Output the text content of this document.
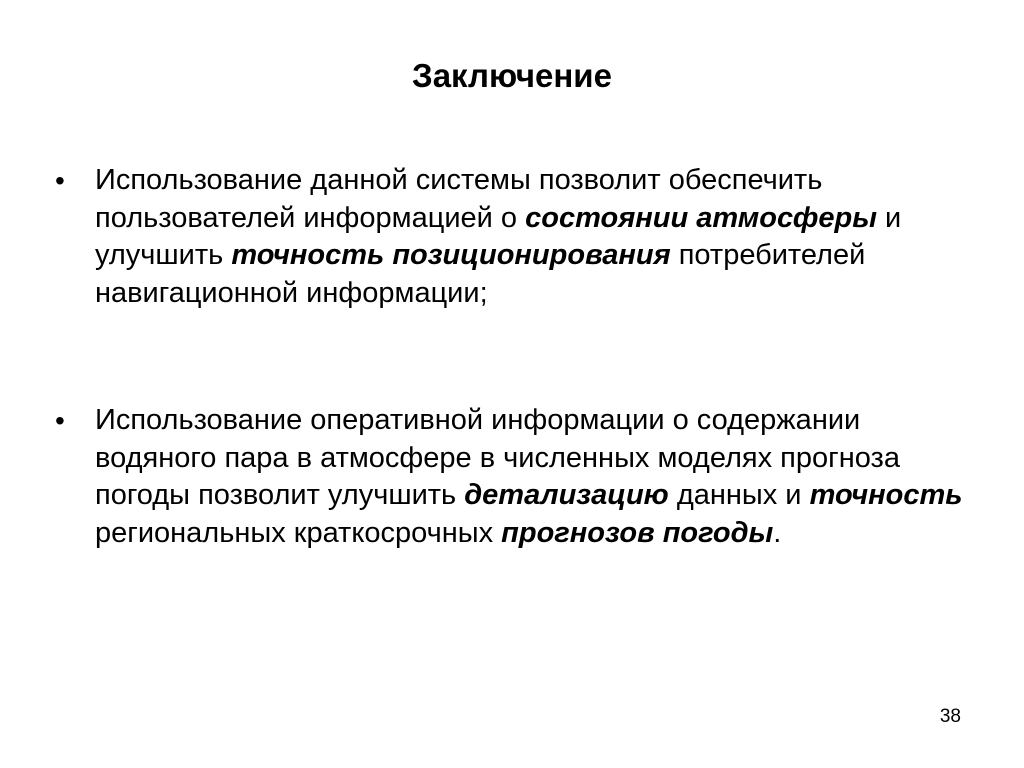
Заключение
• Использование данной системы позволит обеспечить пользователей информацией о состоянии атмосферы и улучшить точность позиционирования потребителей навигационной информации;

• Использование оперативной информации о содержании водяного пара в атмосфере в численных моделях прогноза погоды позволит улучшить детализацию данных и точность региональных краткосрочных прогнозов погоды.

38
